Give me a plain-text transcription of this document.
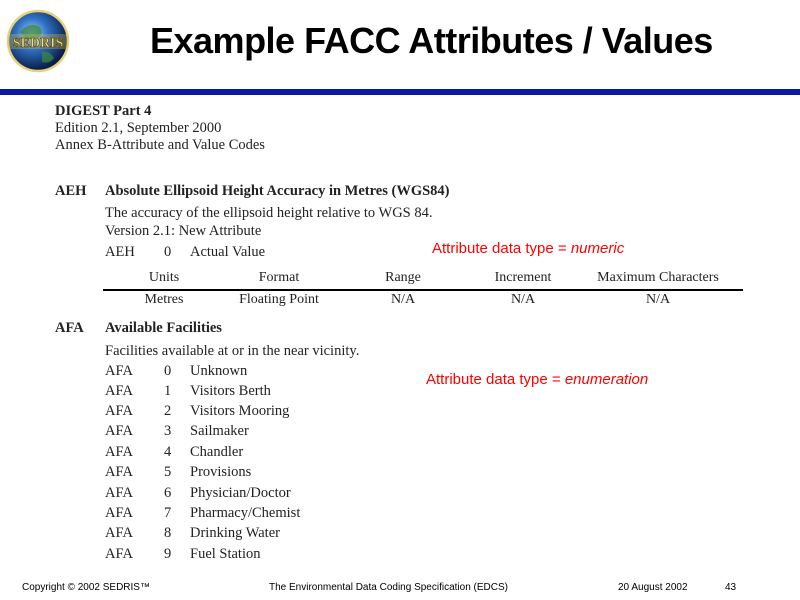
SEDRIS Example FACC Attributes / Values
DIGEST Part 4
Edition 2.1, September 2000
Annex B-Attribute and Value Codes
AEH Absolute Ellipsoid Height Accuracy in Metres (WGS84)
The accuracy of the ellipsoid height relative to WGS 84.
Version 2.1: New Attribute
AEH 0 Actual Value	Attribute data type = numeric
Units	Format	Range	Increment	Maximum Characters
Metres	Floating Point	N/A	N/A	N/A
AFA Available Facilities
Facilities available at or in the near vicinity.
Attribute data type = enumeration
AFA 0 Unknown
AFA 1 Visitors Berth
AFA 2 Visitors Mooring
AFA 3 Sailmaker
AFA 4 Chandler
AFA 5 Provisions
AFA 6 Physician/Doctor
AFA 7 Pharmacy/Chemist
AFA 8 Drinking Water
AFA 9 Fuel Station
Copyright © 2002 SEDRIS™	The Environmental Data Coding Specification (EDCS)	20 August 2002	43
